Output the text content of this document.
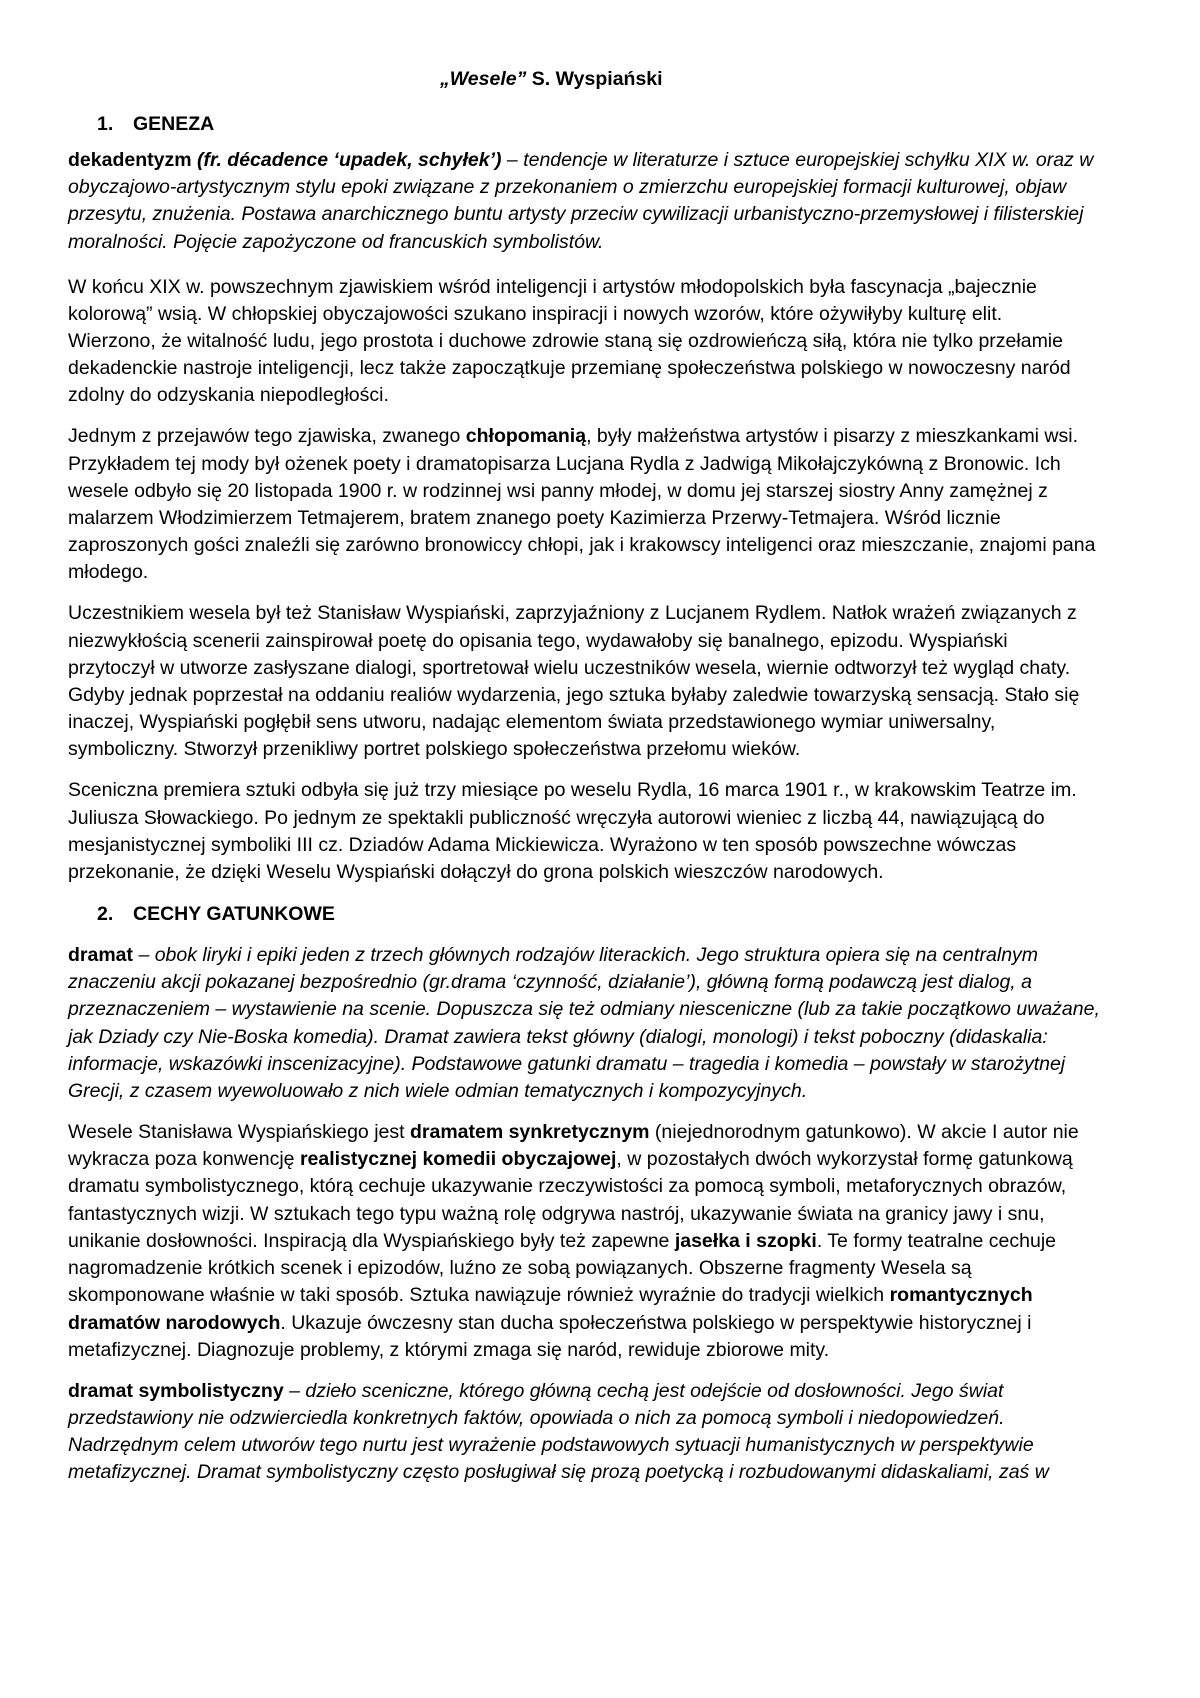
„Wesele” S. Wyspiański
1. GENEZA
dekadentyzm (fr. décadence ‘upadek, schyłek’) – tendencje w literaturze i sztuce europejskiej schyłku XIX w. oraz w
obyczajowo-artystycznym stylu epoki związane z przekonaniem o zmierzchu europejskiej formacji kulturowej, objaw
przesytu, znużenia. Postawa anarchicznego buntu artysty przeciw cywilizacji urbanistyczno-przemysłowej i filisterskiej
moralności. Pojęcie zapożyczone od francuskich symbolistów.
W końcu XIX w. powszechnym zjawiskiem wśród inteligencji i artystów młodopolskich była fascynacja „bajecznie
kolorową” wsią. W chłopskiej obyczajowości szukano inspiracji i nowych wzorów, które ożywiłyby kulturę elit.
Wierzono, że witalność ludu, jego prostota i duchowe zdrowie staną się ozdrowieńczą siłą, która nie tylko przełamie
dekadenckie nastroje inteligencji, lecz także zapoczątkuje przemianę społeczeństwa polskiego w nowoczesny naród
zdolny do odzyskania niepodległości.
Jednym z przejawów tego zjawiska, zwanego chłopomanią, były małżeństwa artystów i pisarzy z mieszkankami wsi.
Przykładem tej mody był ożenek poety i dramatopisarza Lucjana Rydla z Jadwigą Mikołajczykówną z Bronowic. Ich
wesele odbyło się 20 listopada 1900 r. w rodzinnej wsi panny młodej, w domu jej starszej siostry Anny zamężnej z
malarzem Włodzimierzem Tetmajerem, bratem znanego poety Kazimierza Przerwy-Tetmajera. Wśród licznie
zaproszonych gości znaleźli się zarówno bronowiccy chłopi, jak i krakowscy inteligenci oraz mieszczanie, znajomi pana
młodego.
Uczestnikiem wesela był też Stanisław Wyspiański, zaprzyjaźniony z Lucjanem Rydlem. Natłok wrażeń związanych z
niezwykłością scenerii zainspirował poetę do opisania tego, wydawałoby się banalnego, epizodu. Wyspiański
przytoczył w utworze zasłyszane dialogi, sportretował wielu uczestników wesela, wiernie odtworzył też wygląd chaty.
Gdyby jednak poprzestał na oddaniu realiów wydarzenia, jego sztuka byłaby zaledwie towarzyską sensacją. Stało się
inaczej, Wyspiański pogłębił sens utworu, nadając elementom świata przedstawionego wymiar uniwersalny,
symboliczny. Stworzył przenikliwy portret polskiego społeczeństwa przełomu wieków.
Sceniczna premiera sztuki odbyła się już trzy miesiące po weselu Rydla, 16 marca 1901 r., w krakowskim Teatrze im.
Juliusza Słowackiego. Po jednym ze spektakli publiczność wręczyła autorowi wieniec z liczbą 44, nawiązującą do
mesjanistycznej symboliki III cz. Dziadów Adama Mickiewicza. Wyrażono w ten sposób powszechne wówczas
przekonanie, że dzięki Weselu Wyspiański dołączył do grona polskich wieszczów narodowych.
2. CECHY GATUNKOWE
dramat – obok liryki i epiki jeden z trzech głównych rodzajów literackich. Jego struktura opiera się na centralnym
znaczeniu akcji pokazanej bezpośrednio (gr.drama ‘czynność, działanie’), główną formą podawczą jest dialog, a
przeznaczeniem – wystawienie na scenie. Dopuszcza się też odmiany niesceniczne (lub za takie początkowo uważane,
jak Dziady czy Nie-Boska komedia). Dramat zawiera tekst główny (dialogi, monologi) i tekst poboczny (didaskalia:
informacje, wskazówki inscenizacyjne). Podstawowe gatunki dramatu – tragedia i komedia – powstały w starożytnej
Grecji, z czasem wyewoluowało z nich wiele odmian tematycznych i kompozycyjnych.
Wesele Stanisława Wyspiańskiego jest dramatem synkretycznym (niejednorodnym gatunkowo). W akcie I autor nie
wykracza poza konwencję realistycznej komedii obyczajowej, w pozostałych dwóch wykorzystał formę gatunkową
dramatu symbolistycznego, którą cechuje ukazywanie rzeczywistości za pomocą symboli, metaforycznych obrazów,
fantastycznych wizji. W sztukach tego typu ważną rolę odgrywa nastrój, ukazywanie świata na granicy jawy i snu,
unikanie dosłowności. Inspiracją dla Wyspiańskiego były też zapewne jasełka i szopki. Te formy teatralne cechuje
nagromadzenie krótkich scenek i epizodów, luźno ze sobą powiązanych. Obszerne fragmenty Wesela są
skomponowane właśnie w taki sposób. Sztuka nawiązuje również wyraźnie do tradycji wielkich romantycznych
dramatów narodowych. Ukazuje ówczesny stan ducha społeczeństwa polskiego w perspektywie historycznej i
metafizycznej. Diagnozuje problemy, z którymi zmaga się naród, rewiduje zbiorowe mity.
dramat symbolistyczny – dzieło sceniczne, którego główną cechą jest odejście od dosłowności. Jego świat
przedstawiony nie odzwierciedla konkretnych faktów, opowiada o nich za pomocą symboli i niedopowiedzeń.
Nadrzędnym celem utworów tego nurtu jest wyrażenie podstawowych sytuacji humanistycznych w perspektywie
metafizycznej. Dramat symbolistyczny często posługiwał się prozą poetycką i rozbudowanymi didaskaliami, zaś w
